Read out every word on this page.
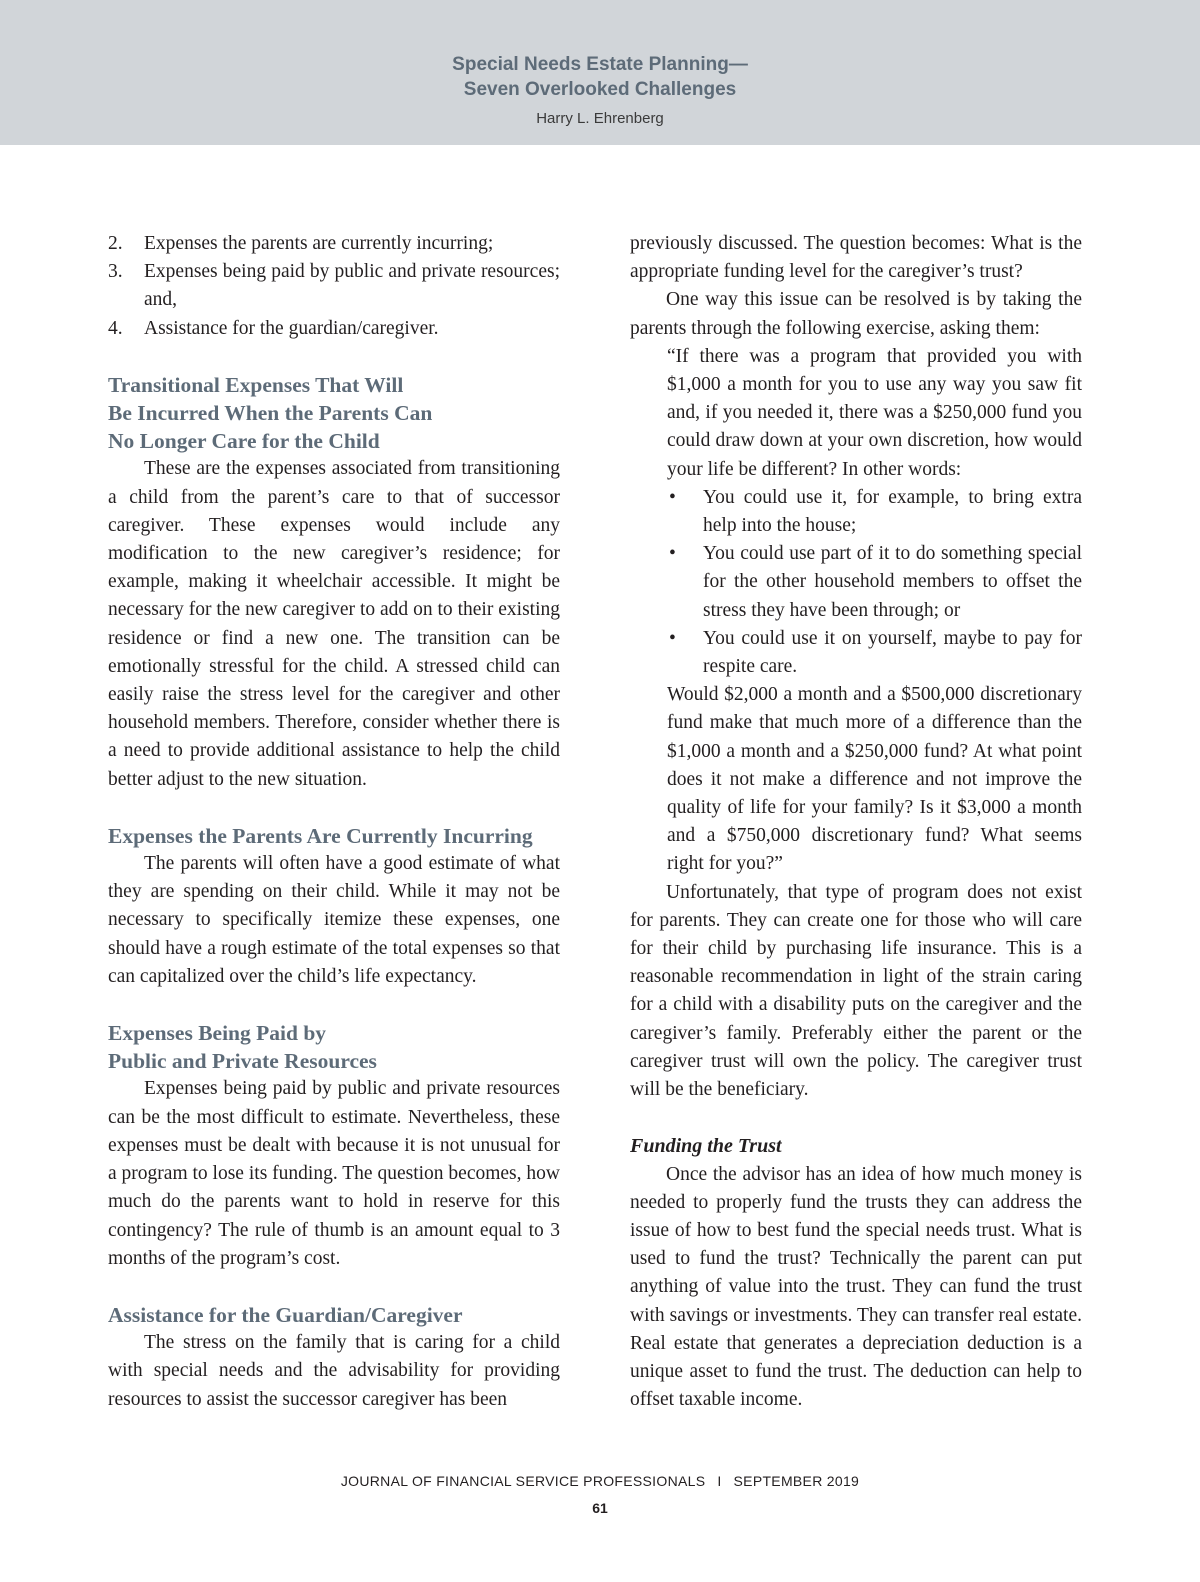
Special Needs Estate Planning—
Seven Overlooked Challenges
Harry L. Ehrenberg
2. Expenses the parents are currently incurring;
3. Expenses being paid by public and private resources; and,
4. Assistance for the guardian/caregiver.
Transitional Expenses That Will
Be Incurred When the Parents Can
No Longer Care for the Child

These are the expenses associated from transitioning a child from the parent’s care to that of successor caregiver. These expenses would include any modification to the new caregiver’s residence; for example, making it wheelchair accessible. It might be necessary for the new caregiver to add on to their existing residence or find a new one. The transition can be emotionally stressful for the child. A stressed child can easily raise the stress level for the caregiver and other household members. Therefore, consider whether there is a need to provide additional assistance to help the child better adjust to the new situation.

Expenses the Parents Are Currently Incurring

The parents will often have a good estimate of what they are spending on their child. While it may not be necessary to specifically itemize these expenses, one should have a rough estimate of the total expenses so that can capitalized over the child’s life expectancy.

Expenses Being Paid by
Public and Private Resources

Expenses being paid by public and private resources can be the most difficult to estimate. Nevertheless, these expenses must be dealt with because it is not unusual for a program to lose its funding. The question becomes, how much do the parents want to hold in reserve for this contingency? The rule of thumb is an amount equal to 3 months of the program’s cost.

Assistance for the Guardian/Caregiver

The stress on the family that is caring for a child with special needs and the advisability for providing resources to assist the successor caregiver has been

previously discussed. The question becomes: What is the appropriate funding level for the caregiver’s trust?

One way this issue can be resolved is by taking the parents through the following exercise, asking them:

“If there was a program that provided you with $1,000 a month for you to use any way you saw fit and, if you needed it, there was a $250,000 fund you could draw down at your own discretion, how would your life be different? In other words:

• You could use it, for example, to bring extra help into the house;
• You could use part of it to do something special for the other household members to offset the stress they have been through; or
• You could use it on yourself, maybe to pay for respite care.

Would $2,000 a month and a $500,000 discretionary fund make that much more of a difference than the $1,000 a month and a $250,000 fund? At what point does it not make a difference and not improve the quality of life for your family? Is it $3,000 a month and a $750,000 discretionary fund? What seems right for you?”

Unfortunately, that type of program does not exist for parents. They can create one for those who will care for their child by purchasing life insurance. This is a reasonable recommendation in light of the strain caring for a child with a disability puts on the caregiver and the caregiver’s family. Preferably either the parent or the caregiver trust will own the policy. The caregiver trust will be the beneficiary.

Funding the Trust

Once the advisor has an idea of how much money is needed to properly fund the trusts they can address the issue of how to best fund the special needs trust. What is used to fund the trust? Technically the parent can put anything of value into the trust. They can fund the trust with savings or investments. They can transfer real estate. Real estate that generates a depreciation deduction is a unique asset to fund the trust. The deduction can help to offset taxable income.

JOURNAL OF FINANCIAL SERVICE PROFESSIONALS I SEPTEMBER 2019
61
